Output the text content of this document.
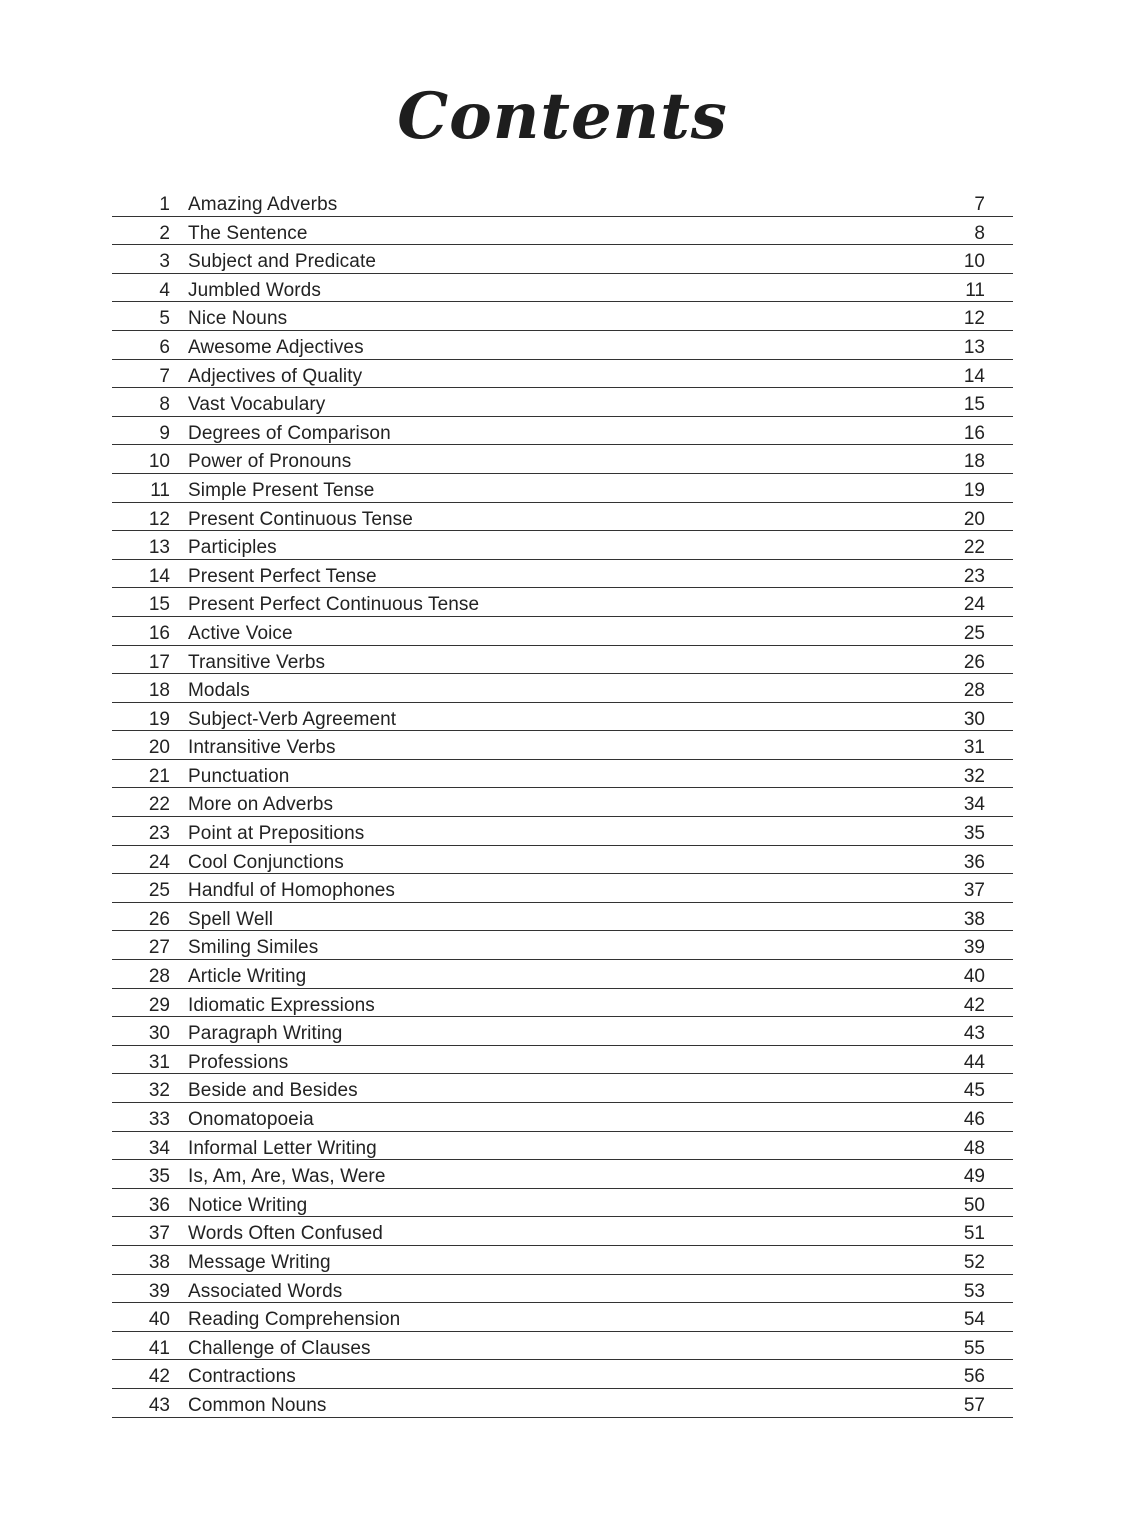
Contents
1 Amazing Adverbs	7
2 The Sentence	8
3 Subject and Predicate	10
4 Jumbled Words	11
5 Nice Nouns	12
6 Awesome Adjectives	13
7 Adjectives of Quality	14
8 Vast Vocabulary	15
9 Degrees of Comparison	16
10 Power of Pronouns	18
11 Simple Present Tense	19
12 Present Continuous Tense	20
13 Participles	22
14 Present Perfect Tense	23
15 Present Perfect Continuous Tense	24
16 Active Voice	25
17 Transitive Verbs	26
18 Modals	28
19 Subject-Verb Agreement	30
20 Intransitive Verbs	31
21 Punctuation	32
22 More on Adverbs	34
23 Point at Prepositions	35
24 Cool Conjunctions	36
25 Handful of Homophones	37
26 Spell Well	38
27 Smiling Similes	39
28 Article Writing	40
29 Idiomatic Expressions	42
30 Paragraph Writing	43
31 Professions	44
32 Beside and Besides	45
33 Onomatopoeia	46
34 Informal Letter Writing	48
35 Is, Am, Are, Was, Were	49
36 Notice Writing	50
37 Words Often Confused	51
38 Message Writing	52
39 Associated Words	53
40 Reading Comprehension	54
41 Challenge of Clauses	55
42 Contractions	56
43 Common Nouns	57
